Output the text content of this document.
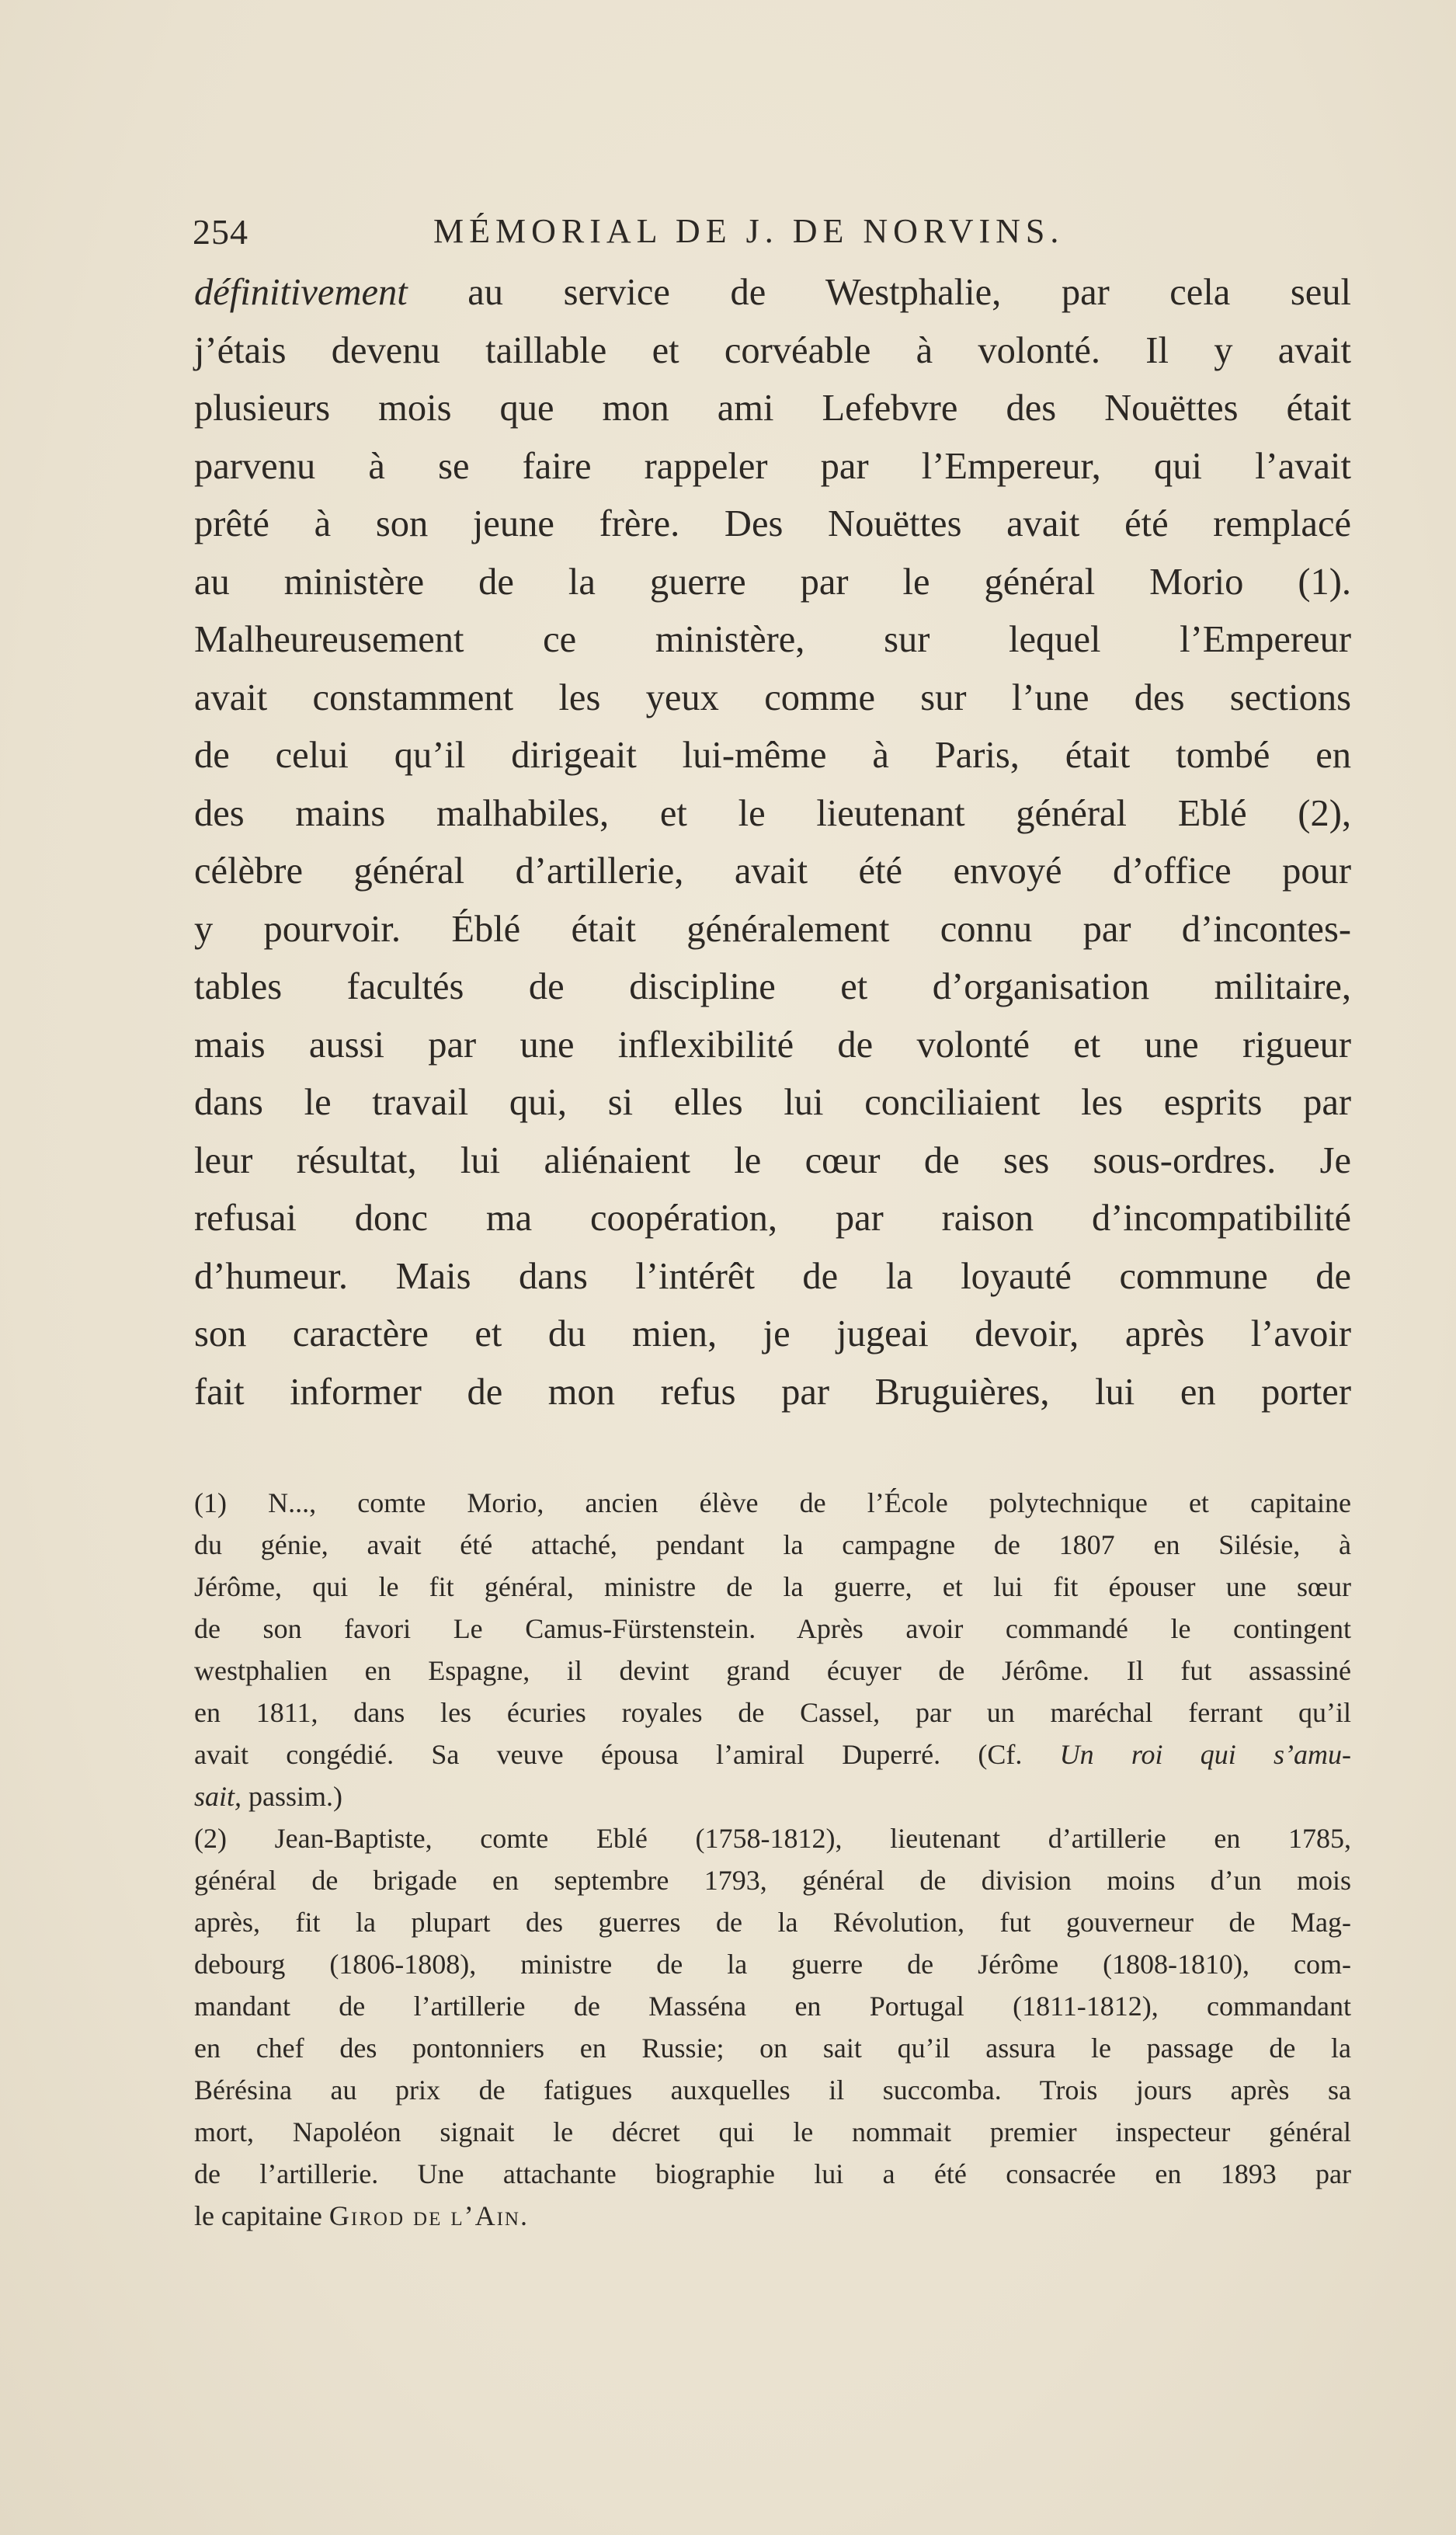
254	MÉMORIAL DE J. DE NORVINS.
définitivement au service de Westphalie, par cela seul
j’étais devenu taillable et corvéable à volonté. Il y avait
plusieurs mois que mon ami Lefebvre des Nouëttes était
parvenu à se faire rappeler par l’Empereur, qui l’avait
prêté à son jeune frère. Des Nouëttes avait été remplacé
au ministère de la guerre par le général Morio (1).
Malheureusement ce ministère, sur lequel l’Empereur
avait constamment les yeux comme sur l’une des sections
de celui qu’il dirigeait lui-même à Paris, était tombé en
des mains malhabiles, et le lieutenant général Eblé (2),
célèbre général d’artillerie, avait été envoyé d’office pour
y pourvoir. Éblé était généralement connu par d’incontes-
tables facultés de discipline et d’organisation militaire,
mais aussi par une inflexibilité de volonté et une rigueur
dans le travail qui, si elles lui conciliaient les esprits par
leur résultat, lui aliénaient le cœur de ses sous-ordres. Je
refusai donc ma coopération, par raison d’incompatibilité
d’humeur. Mais dans l’intérêt de la loyauté commune de
son caractère et du mien, je jugeai devoir, après l’avoir
fait informer de mon refus par Bruguières, lui en porter
(1) N..., comte Morio, ancien élève de l’École polytechnique et capitaine
du génie, avait été attaché, pendant la campagne de 1807 en Silésie, à
Jérôme, qui le fit général, ministre de la guerre, et lui fit épouser une sœur
de son favori Le Camus-Fürstenstein. Après avoir commandé le contingent
westphalien en Espagne, il devint grand écuyer de Jérôme. Il fut assassiné
en 1811, dans les écuries royales de Cassel, par un maréchal ferrant qu’il
avait congédié. Sa veuve épousa l’amiral Duperré. (Cf. Un roi qui s’amu-
sait, passim.)
(2) Jean-Baptiste, comte Eblé (1758-1812), lieutenant d’artillerie en 1785,
général de brigade en septembre 1793, général de division moins d’un mois
après, fit la plupart des guerres de la Révolution, fut gouverneur de Mag-
debourg (1806-1808), ministre de la guerre de Jérôme (1808-1810), com-
mandant de l’artillerie de Masséna en Portugal (1811-1812), commandant
en chef des pontonniers en Russie; on sait qu’il assura le passage de la
Bérésina au prix de fatigues auxquelles il succomba. Trois jours après sa
mort, Napoléon signait le décret qui le nommait premier inspecteur général
de l’artillerie. Une attachante biographie lui a été consacrée en 1893 par
le capitaine Girod de l’Ain.
